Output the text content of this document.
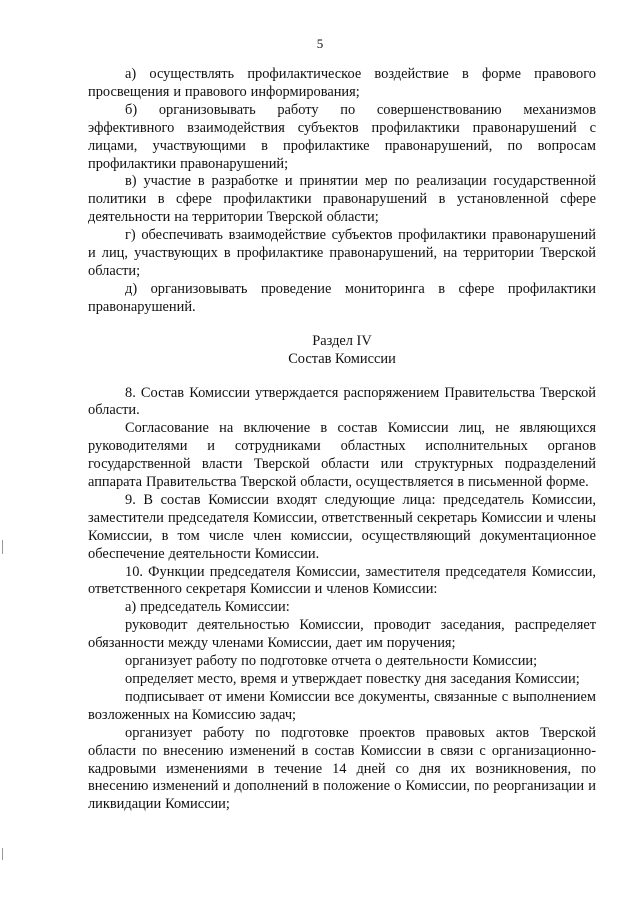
5

а) осуществлять профилактическое воздействие в форме правового просвещения и правового информирования;

б) организовывать работу по совершенствованию механизмов эффективного взаимодействия субъектов профилактики правонарушений с лицами, участвующими в профилактике правонарушений, по вопросам профилактики правонарушений;

в) участие в разработке и принятии мер по реализации государственной политики в сфере профилактики правонарушений в установленной сфере деятельности на территории Тверской области;

г) обеспечивать взаимодействие субъектов профилактики правонарушений и лиц, участвующих в профилактике правонарушений, на территории Тверской области;

д) организовывать проведение мониторинга в сфере профилактики правонарушений.

Раздел IV
Состав Комиссии

8. Состав Комиссии утверждается распоряжением Правительства Тверской области.

Согласование на включение в состав Комиссии лиц, не являющихся руководителями и сотрудниками областных исполнительных органов государственной власти Тверской области или структурных подразделений аппарата Правительства Тверской области, осуществляется в письменной форме.

9. В состав Комиссии входят следующие лица: председатель Комиссии, заместители председателя Комиссии, ответственный секретарь Комиссии и члены Комиссии, в том числе член комиссии, осуществляющий документационное обеспечение деятельности Комиссии.

10. Функции председателя Комиссии, заместителя председателя Комиссии, ответственного секретаря Комиссии и членов Комиссии:

а) председатель Комиссии:

руководит деятельностью Комиссии, проводит заседания, распределяет обязанности между членами Комиссии, дает им поручения;

организует работу по подготовке отчета о деятельности Комиссии;

определяет место, время и утверждает повестку дня заседания Комиссии;

подписывает от имени Комиссии все документы, связанные с выполнением возложенных на Комиссию задач;

организует работу по подготовке проектов правовых актов Тверской области по внесению изменений в состав Комиссии в связи с организационно-кадровыми изменениями в течение 14 дней со дня их возникновения, по внесению изменений и дополнений в положение о Комиссии, по реорганизации и ликвидации Комиссии;
